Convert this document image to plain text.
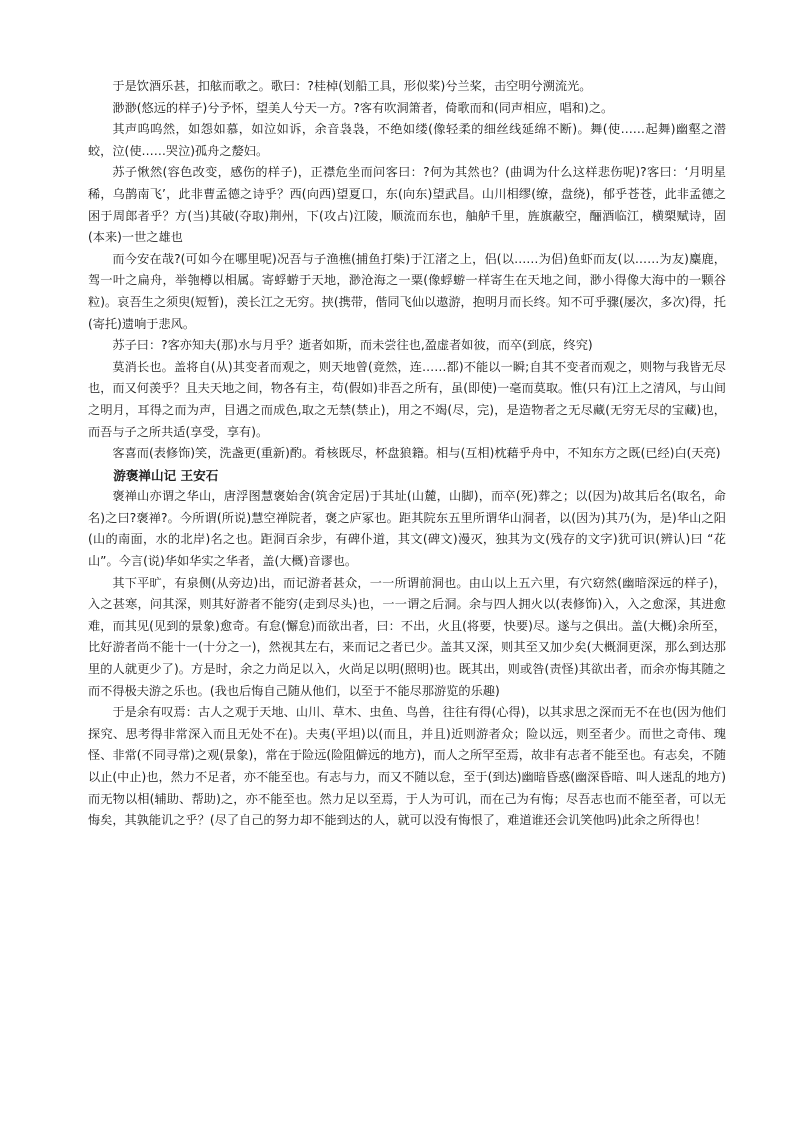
于是饮酒乐甚，扣舷而歌之。歌曰：?桂棹(划船工具，形似桨)兮兰桨，击空明兮溯流光。

渺渺(悠远的样子)兮予怀，望美人兮天一方。?客有吹洞箫者，倚歌而和(同声相应，唱和)之。

其声呜呜然，如怨如慕，如泣如诉，余音袅袅，不绝如缕(像轻柔的细丝线延绵不断)。舞(使……起舞)幽壑之潜蛟，泣(使……哭泣)孤舟之嫠妇。

苏子愀然(容色改变，感伤的样子)，正襟危坐而问客曰：?何为其然也？(曲调为什么这样悲伤呢)?客曰：‘月明星稀，乌鹊南飞’，此非曹孟德之诗乎？西(向西)望夏口，东(向东)望武昌。山川相缪(缭，盘绕)，郁乎苍苍，此非孟德之困于周郎者乎？方(当)其破(夺取)荆州，下(攻占)江陵，顺流而东也，舳舻千里，旌旗蔽空，酾酒临江，横槊赋诗，固(本来)一世之雄也

而今安在哉?(可如今在哪里呢)况吾与子渔樵(捕鱼打柴)于江渚之上，侣(以……为侣)鱼虾而友(以……为友)麋鹿，驾一叶之扁舟，举匏樽以相属。寄蜉蝣于天地，渺沧海之一粟(像蜉蝣一样寄生在天地之间，渺小得像大海中的一颗谷粒)。哀吾生之须臾(短暂)，羡长江之无穷。挟(携带，偕同飞仙以遨游，抱明月而长终。知不可乎骤(屡次，多次)得，托(寄托)遗响于悲风。

苏子曰：?客亦知夫(那)水与月乎？逝者如斯，而未尝往也,盈虚者如彼，而卒(到底，终究)

莫消长也。盖将自(从)其变者而观之，则天地曾(竟然，连……都)不能以一瞬;自其不变者而观之，则物与我皆无尽也，而又何羡乎？且夫天地之间，物各有主，苟(假如)非吾之所有，虽(即使)一毫而莫取。惟(只有)江上之清风，与山间之明月，耳得之而为声，目遇之而成色,取之无禁(禁止)，用之不竭(尽，完)，是造物者之无尽藏(无穷无尽的宝藏)也，而吾与子之所共适(享受，享有)。

客喜而(表修饰)笑，洗盏更(重新)酌。肴核既尽，杯盘狼籍。相与(互相)枕藉乎舟中，不知东方之既(已经)白(天亮)

游褒禅山记 王安石

褒禅山亦谓之华山，唐浮图慧褒始舍(筑舍定居)于其址(山麓，山脚)，而卒(死)葬之；以(因为)故其后名(取名，命名)之曰?褒禅?。今所谓(所说)慧空禅院者，褒之庐冢也。距其院东五里所谓华山洞者，以(因为)其乃(为，是)华山之阳(山的南面，水的北岸)名之也。距洞百余步，有碑仆道，其文(碑文)漫灭，独其为文(残存的文字)犹可识(辨认)曰 “花山”。今言(说)华如华实之华者，盖(大概)音谬也。

其下平旷，有泉侧(从旁边)出，而记游者甚众，一一所谓前洞也。由山以上五六里，有穴窈然(幽暗深远的样子)，入之甚寒，问其深，则其好游者不能穷(走到尽头)也，一一谓之后洞。余与四人拥火以(表修饰)入，入之愈深，其进愈难，而其见(见到的景象)愈奇。有怠(懈怠)而欲出者，曰：不出，火且(将要，快要)尽。遂与之俱出。盖(大概)余所至，比好游者尚不能十一(十分之一)，然视其左右，来而记之者已少。盖其又深，则其至又加少矣(大概洞更深，那么到达那里的人就更少了)。方是时，余之力尚足以入，火尚足以明(照明)也。既其出，则或咎(责怪)其欲出者，而余亦悔其随之而不得极夫游之乐也。(我也后悔自己随从他们，以至于不能尽那游览的乐趣)

于是余有叹焉：古人之观于天地、山川、草木、虫鱼、鸟兽，往往有得(心得)，以其求思之深而无不在也(因为他们探究、思考得非常深入而且无处不在)。夫夷(平坦)以(而且，并且)近则游者众；险以远，则至者少。而世之奇伟、瑰怪、非常(不同寻常)之观(景象)，常在于险远(险阻僻远的地方)，而人之所罕至焉，故非有志者不能至也。有志矣，不随以止(中止)也，然力不足者，亦不能至也。有志与力，而又不随以怠，至于(到达)幽暗昏惑(幽深昏暗、叫人迷乱的地方)而无物以相(辅助、帮助)之，亦不能至也。然力足以至焉，于人为可讥，而在己为有悔；尽吾志也而不能至者，可以无悔矣，其孰能讥之乎？(尽了自己的努力却不能到达的人，就可以没有悔恨了，难道谁还会讥笑他吗)此余之所得也！
